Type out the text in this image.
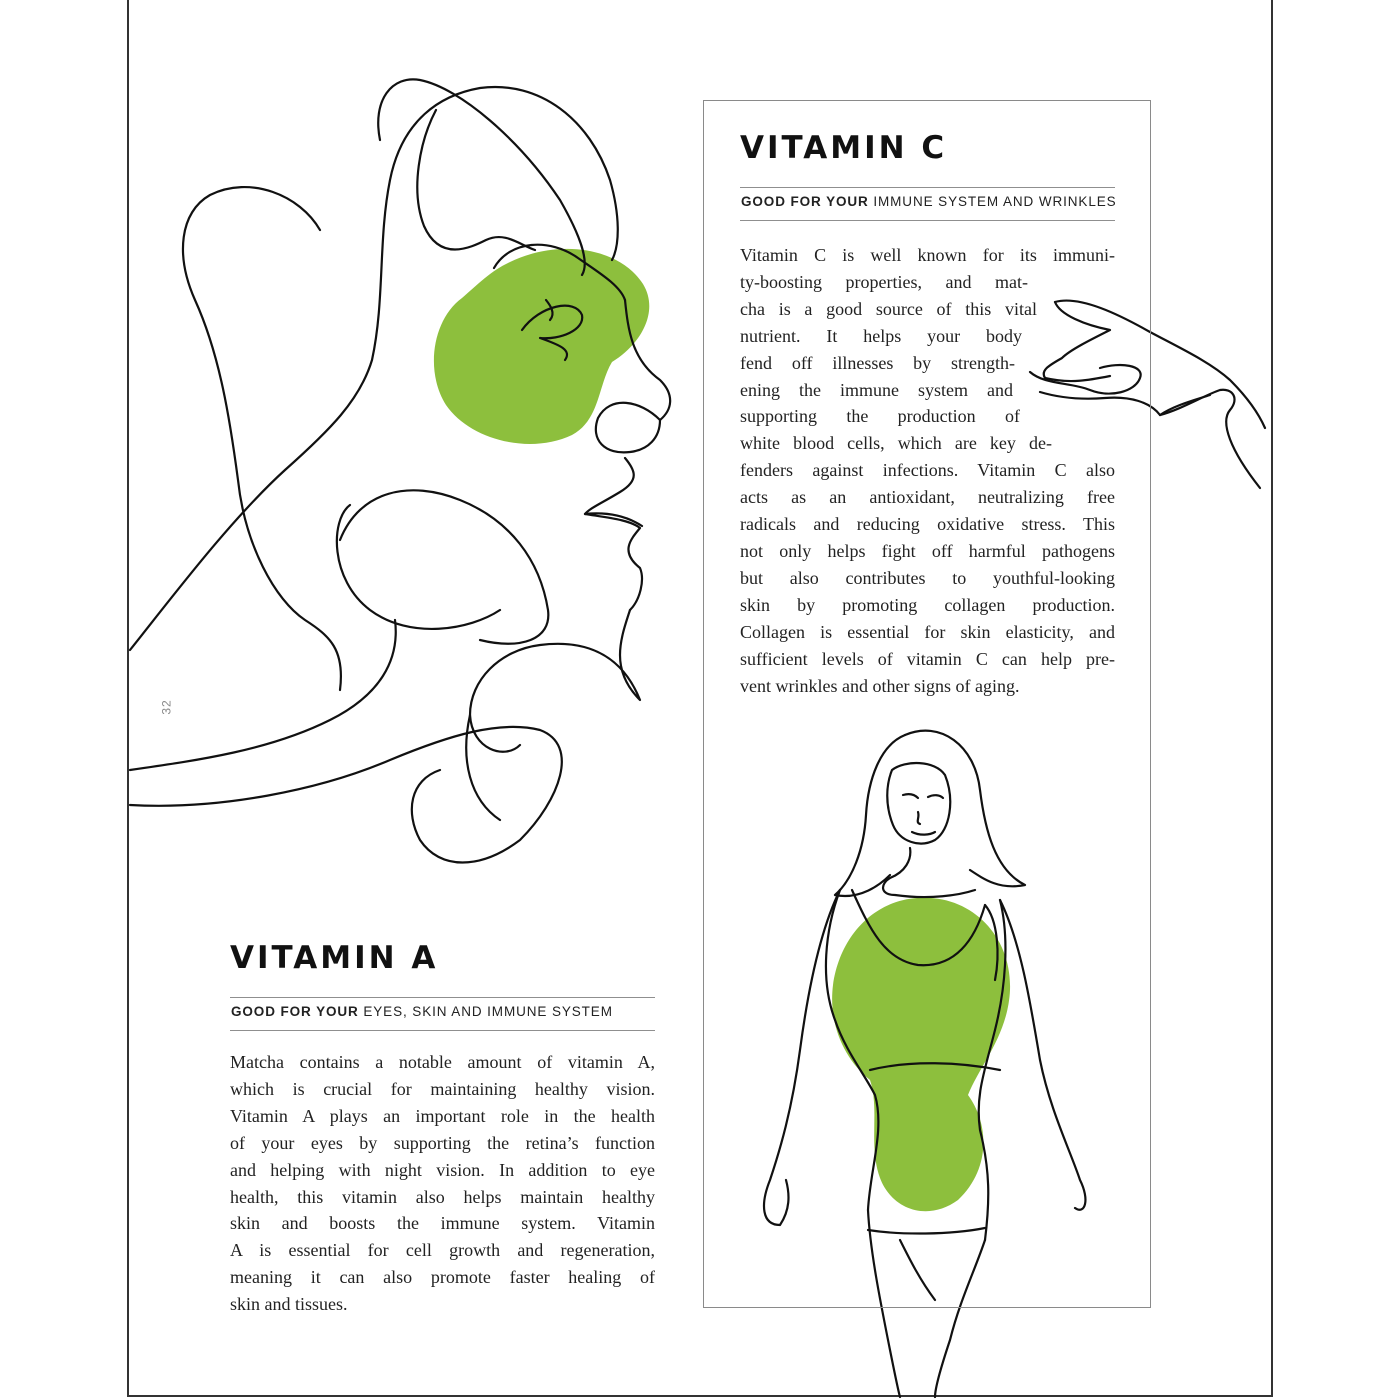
VITAMIN C
GOOD FOR YOUR IMMUNE SYSTEM AND WRINKLES
Vitamin C is well known for its immuni-
ty-boosting properties, and mat-
cha is a good source of this vital
nutrient. It helps your body
fend off illnesses by strength-
ening the immune system and
supporting the production of
white blood cells, which are key de-
fenders against infections. Vitamin C also
acts as an antioxidant, neutralizing free
radicals and reducing oxidative stress. This
not only helps fight off harmful pathogens
but also contributes to youthful-looking
skin by promoting collagen production.
Collagen is essential for skin elasticity, and
sufficient levels of vitamin C can help pre-
vent wrinkles and other signs of aging.
VITAMIN A
GOOD FOR YOUR EYES, SKIN AND IMMUNE SYSTEM
Matcha contains a notable amount of vitamin A,
which is crucial for maintaining healthy vision.
Vitamin A plays an important role in the health
of your eyes by supporting the retina’s function
and helping with night vision. In addition to eye
health, this vitamin also helps maintain healthy
skin and boosts the immune system. Vitamin
A is essential for cell growth and regeneration,
meaning it can also promote faster healing of
skin and tissues.
32
